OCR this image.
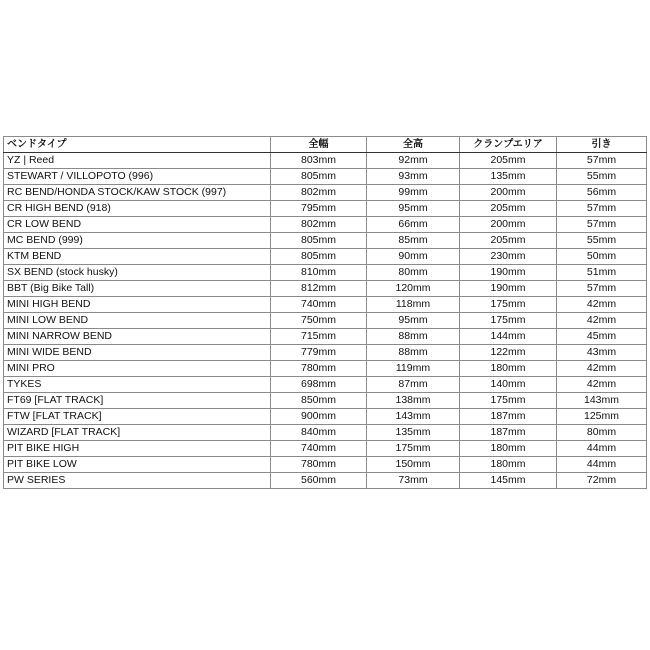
ベンドタイプ	全幅	全高	クランプエリア	引き
YZ | Reed	803mm	92mm	205mm	57mm
STEWART / VILLOPOTO (996)	805mm	93mm	135mm	55mm
RC BEND/HONDA STOCK/KAW STOCK (997)	802mm	99mm	200mm	56mm
CR HIGH BEND (918)	795mm	95mm	205mm	57mm
CR LOW BEND	802mm	66mm	200mm	57mm
MC BEND (999)	805mm	85mm	205mm	55mm
KTM BEND	805mm	90mm	230mm	50mm
SX BEND (stock husky)	810mm	80mm	190mm	51mm
BBT (Big Bike Tall)	812mm	120mm	190mm	57mm
MINI HIGH BEND	740mm	118mm	175mm	42mm
MINI LOW BEND	750mm	95mm	175mm	42mm
MINI NARROW BEND	715mm	88mm	144mm	45mm
MINI WIDE BEND	779mm	88mm	122mm	43mm
MINI PRO	780mm	119mm	180mm	42mm
TYKES	698mm	87mm	140mm	42mm
FT69 [FLAT TRACK]	850mm	138mm	175mm	143mm
FTW [FLAT TRACK]	900mm	143mm	187mm	125mm
WIZARD [FLAT TRACK]	840mm	135mm	187mm	80mm
PIT BIKE HIGH	740mm	175mm	180mm	44mm
PIT BIKE LOW	780mm	150mm	180mm	44mm
PW SERIES	560mm	73mm	145mm	72mm
